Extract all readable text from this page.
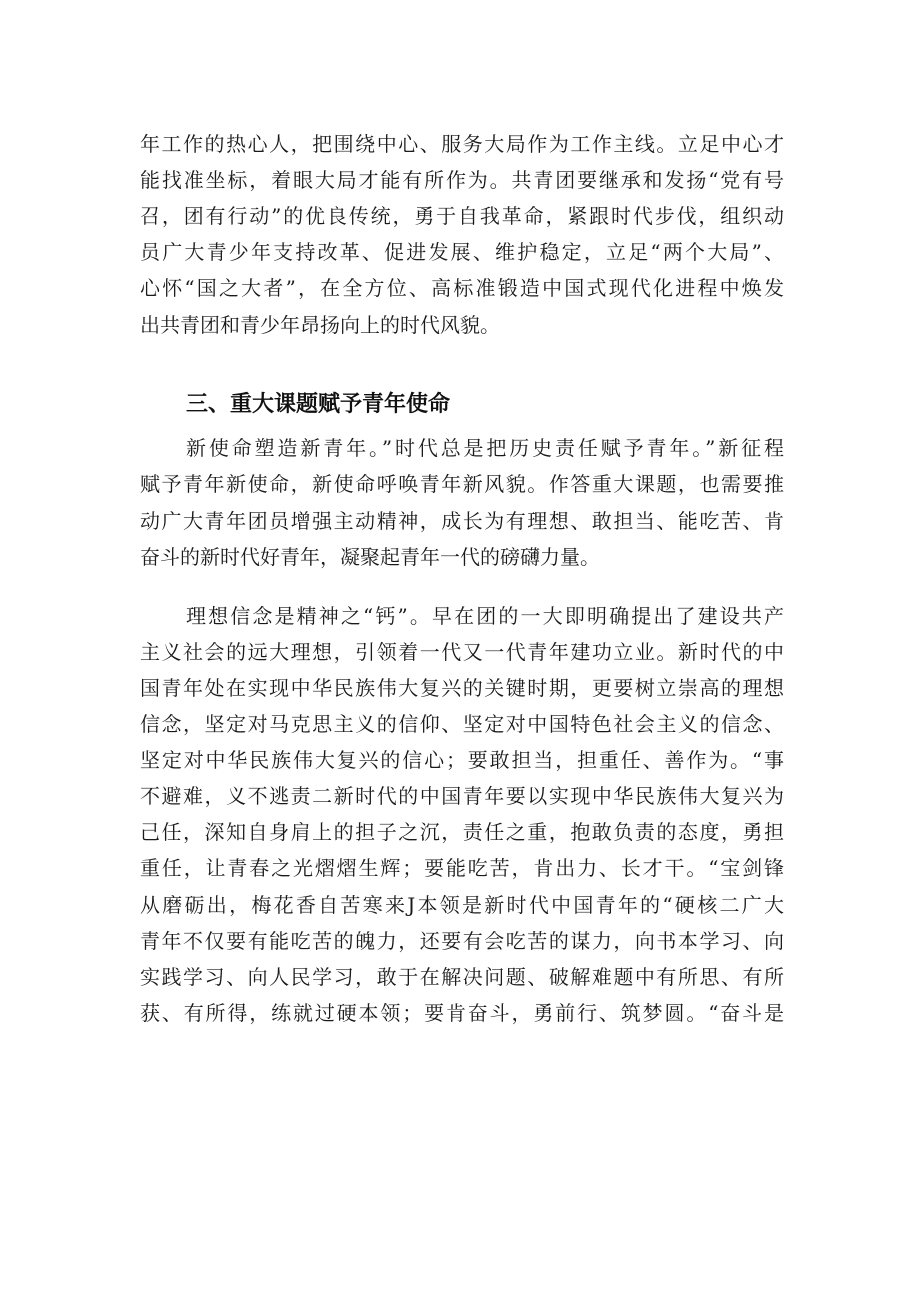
年工作的热心人，把围绕中心、服务大局作为工作主线。立足中心才
能找准坐标，着眼大局才能有所作为。共青团要继承和发扬“党有号
召，团有行动”的优良传统，勇于自我革命，紧跟时代步伐，组织动
员广大青少年支持改革、促进发展、维护稳定，立足“两个大局”、
心怀“国之大者”，在全方位、高标准锻造中国式现代化进程中焕发
出共青团和青少年昂扬向上的时代风貌。
三、重大课题赋予青年使命
新使命塑造新青年。”时代总是把历史责任赋予青年。”新征程
赋予青年新使命，新使命呼唤青年新风貌。作答重大课题，也需要推
动广大青年团员增强主动精神，成长为有理想、敢担当、能吃苦、肯
奋斗的新时代好青年，凝聚起青年一代的磅礴力量。
理想信念是精神之“钙”。早在团的一大即明确提出了建设共产
主义社会的远大理想，引领着一代又一代青年建功立业。新时代的中
国青年处在实现中华民族伟大复兴的关键时期，更要树立崇高的理想
信念，坚定对马克思主义的信仰、坚定对中国特色社会主义的信念、
坚定对中华民族伟大复兴的信心；要敢担当，担重任、善作为。“事
不避难，义不逃责二新时代的中国青年要以实现中华民族伟大复兴为
己任，深知自身肩上的担子之沉，责任之重，抱敢负责的态度，勇担
重任，让青春之光熠熠生辉；要能吃苦，肯出力、长才干。“宝剑锋
从磨砺出，梅花香自苦寒来J本领是新时代中国青年的“硬核二广大
青年不仅要有能吃苦的魄力，还要有会吃苦的谋力，向书本学习、向
实践学习、向人民学习，敢于在解决问题、破解难题中有所思、有所
获、有所得，练就过硬本领；要肯奋斗，勇前行、筑梦圆。“奋斗是
